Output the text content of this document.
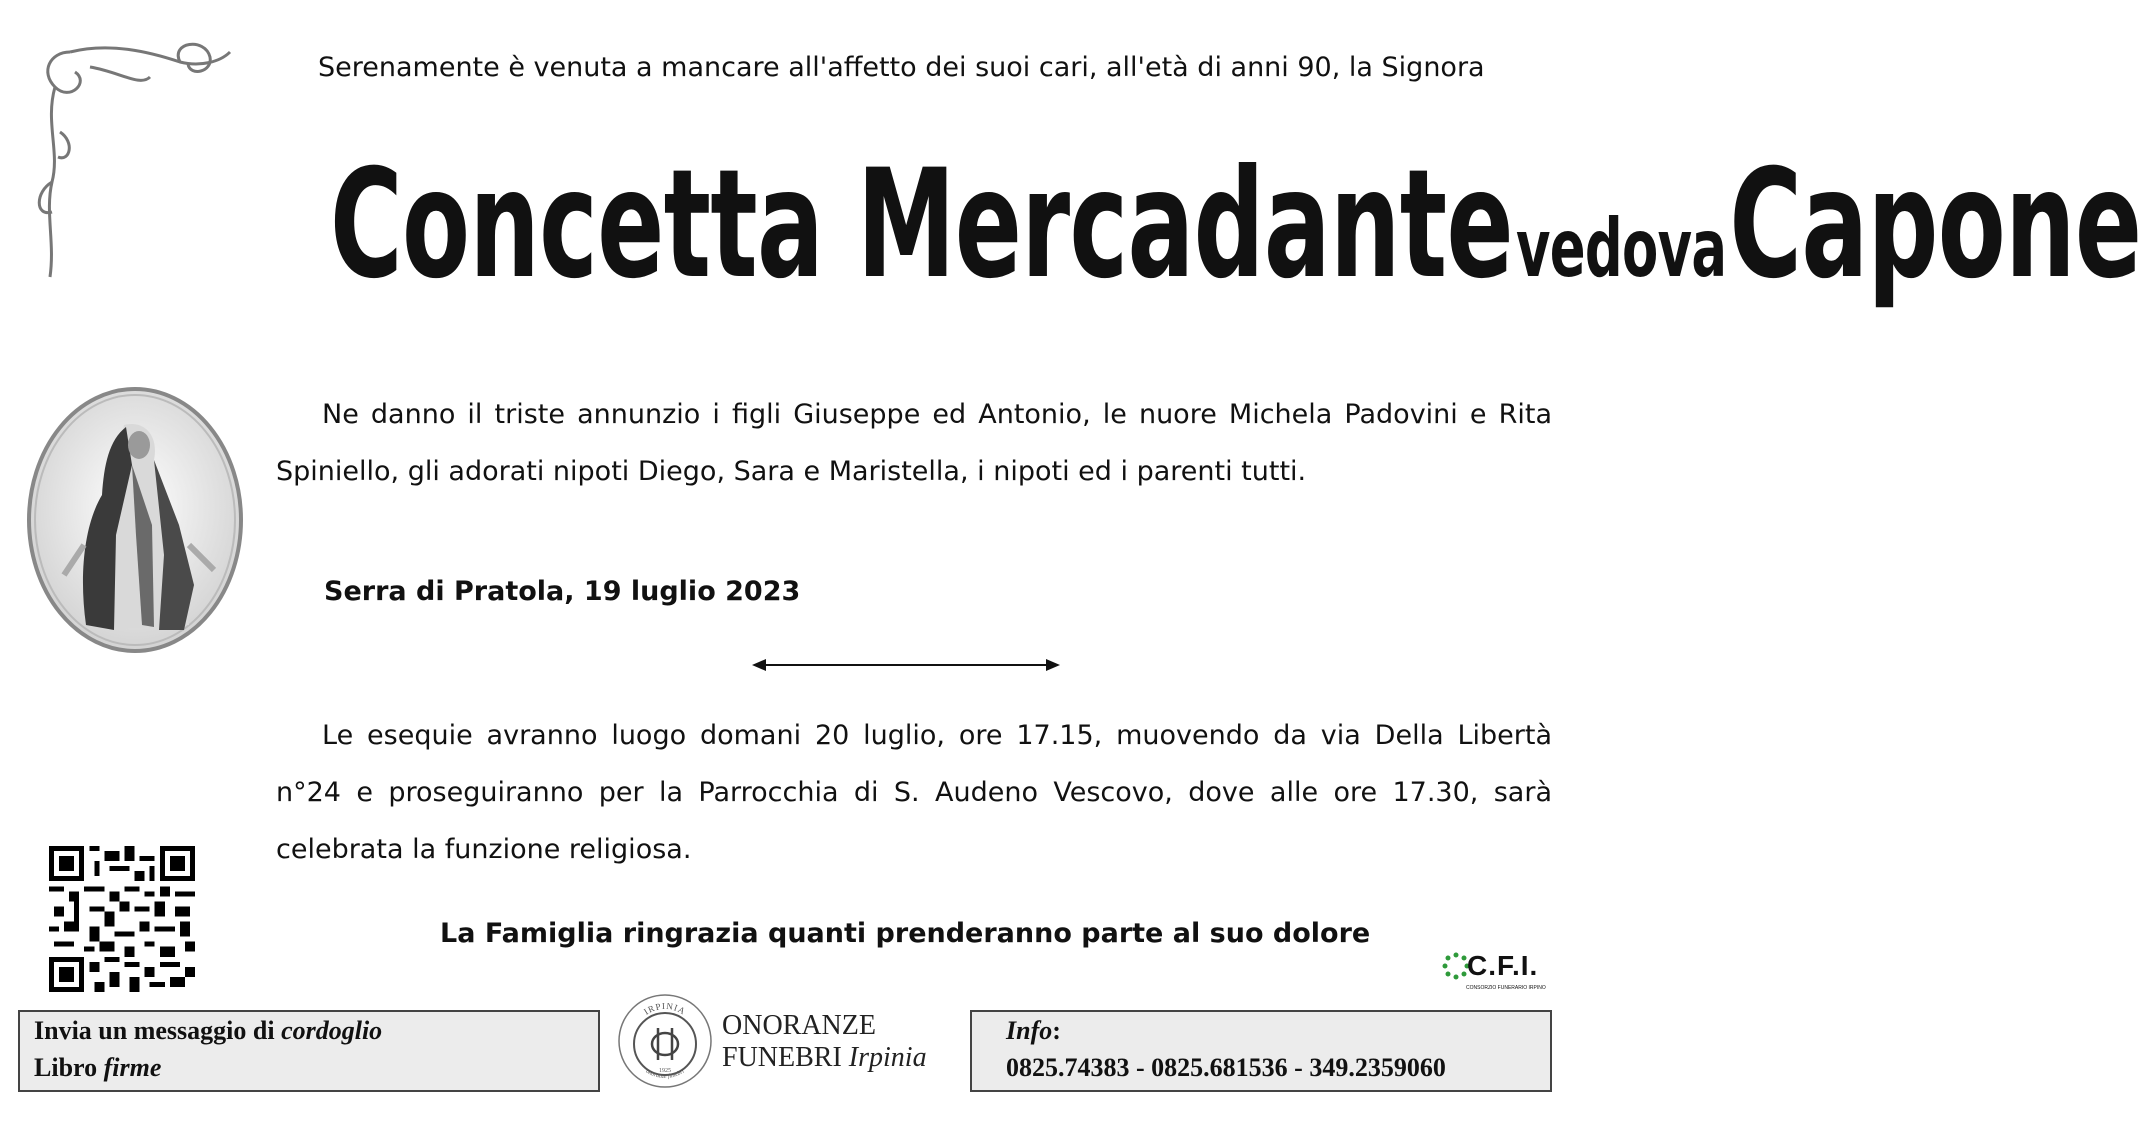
Serenamente è venuta a mancare all'affetto dei suoi cari, all'età di anni 90, la Signora
Concetta Mercadante vedova Capone

Ne danno il triste annunzio i figli Giuseppe ed Antonio, le nuore Michela Padovini e Rita Spiniello, gli adorati nipoti Diego, Sara e Maristella, i nipoti ed i parenti tutti.

Serra di Pratola, 19 luglio 2023

Le esequie avranno luogo domani 20 luglio, ore 17.15, muovendo da via Della Libertà n°24 e proseguiranno per la Parrocchia di S. Audeno Vescovo, dove alle ore 17.30, sarà celebrata la funzione religiosa.

La Famiglia ringrazia quanti prenderanno parte al suo dolore
C.F.I.
CONSORZIO FUNERARIO IRPINO
Invia un messaggio di cordoglio
Libro firme
IRPINIA
onoranze funebri
1925
ONORANZE
FUNEBRI Irpinia
Info:
0825.74383 - 0825.681536 - 349.2359060
